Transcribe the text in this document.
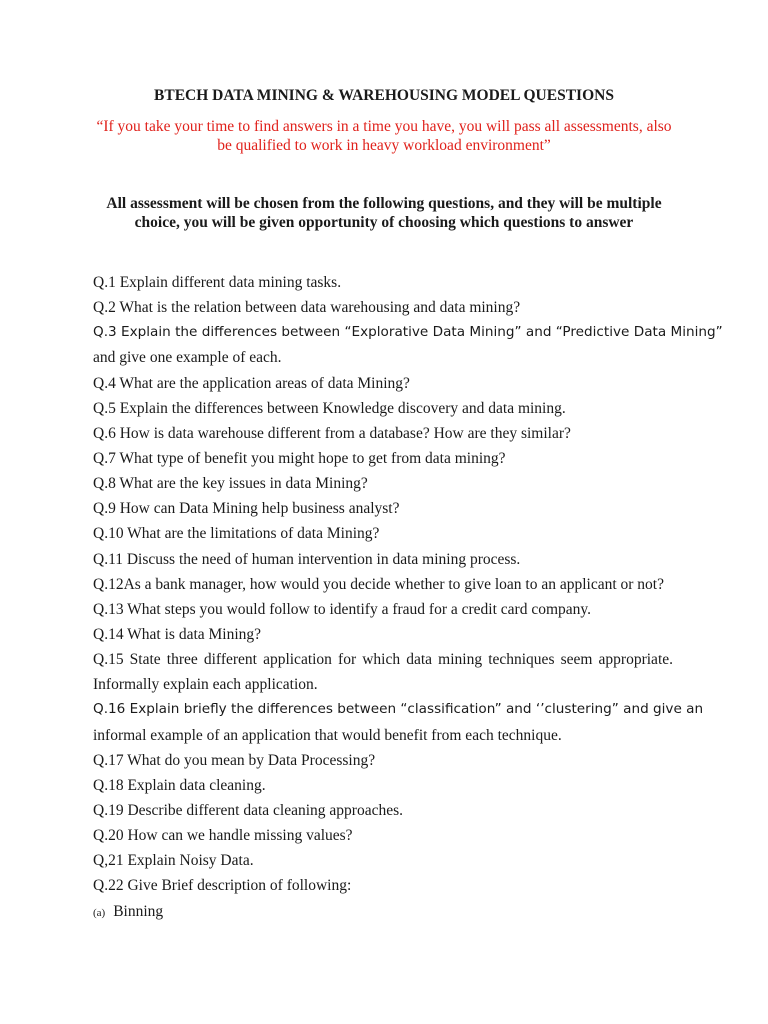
BTECH DATA MINING & WAREHOUSING MODEL QUESTIONS

“If you take your time to find answers in a time you have, you will pass all assessments, also
be qualified to work in heavy workload environment”
All assessment will be chosen from the following questions, and they will be multiple
choice, you will be given opportunity of choosing which questions to answer
Q.1 Explain different data mining tasks.
Q.2 What is the relation between data warehousing and data mining?
Q.3 Explain the differences between “Explorative Data Mining” and “Predictive Data Mining”
and give one example of each.
Q.4 What are the application areas of data Mining?
Q.5 Explain the differences between Knowledge discovery and data mining.
Q.6 How is data warehouse different from a database? How are they similar?
Q.7 What type of benefit you might hope to get from data mining?
Q.8 What are the key issues in data Mining?
Q.9 How can Data Mining help business analyst?
Q.10 What are the limitations of data Mining?
Q.11 Discuss the need of human intervention in data mining process.
Q.12As a bank manager, how would you decide whether to give loan to an applicant or not?
Q.13 What steps you would follow to identify a fraud for a credit card company.
Q.14 What is data Mining?
Q.15 State three different application for which data mining techniques seem appropriate.
Informally explain each application.
Q.16 Explain briefly the differences between “classification” and ‘’clustering” and give an
informal example of an application that would benefit from each technique.
Q.17 What do you mean by Data Processing?
Q.18 Explain data cleaning.
Q.19 Describe different data cleaning approaches.
Q.20 How can we handle missing values?
Q,21 Explain Noisy Data.
Q.22 Give Brief description of following:
(a) Binning
